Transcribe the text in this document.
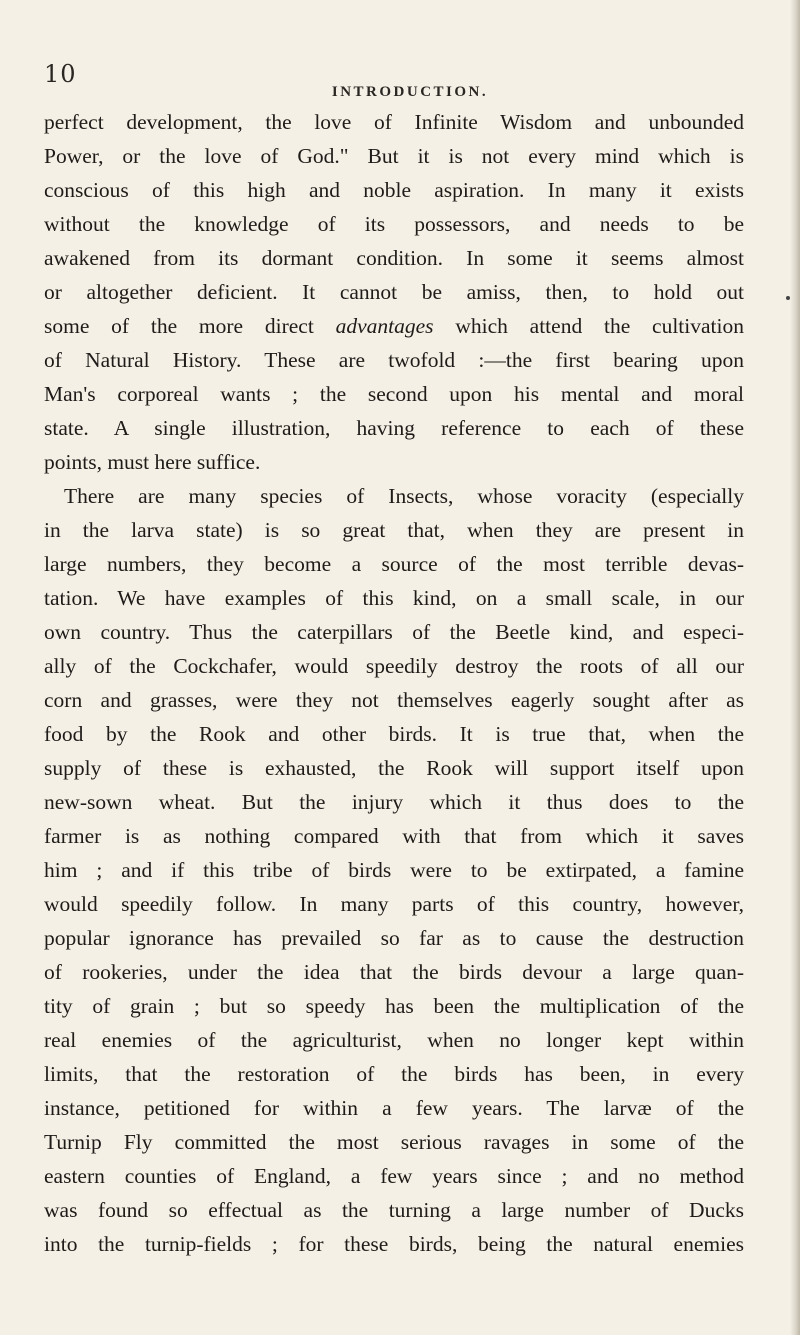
10
INTRODUCTION.
perfect development, the love of Infinite Wisdom and unbounded
Power, or the love of God." But it is not every mind which is
conscious of this high and noble aspiration. In many it exists
without the knowledge of its possessors, and needs to be
awakened from its dormant condition. In some it seems almost
or altogether deficient. It cannot be amiss, then, to hold out
some of the more direct advantages which attend the cultivation
of Natural History. These are twofold :—the first bearing upon
Man's corporeal wants ; the second upon his mental and moral
state. A single illustration, having reference to each of these
points, must here suffice.
There are many species of Insects, whose voracity (especially
in the larva state) is so great that, when they are present in
large numbers, they become a source of the most terrible devas-
tation. We have examples of this kind, on a small scale, in our
own country. Thus the caterpillars of the Beetle kind, and especi-
ally of the Cockchafer, would speedily destroy the roots of all our
corn and grasses, were they not themselves eagerly sought after as
food by the Rook and other birds. It is true that, when the
supply of these is exhausted, the Rook will support itself upon
new-sown wheat. But the injury which it thus does to the
farmer is as nothing compared with that from which it saves
him ; and if this tribe of birds were to be extirpated, a famine
would speedily follow. In many parts of this country, however,
popular ignorance has prevailed so far as to cause the destruction
of rookeries, under the idea that the birds devour a large quan-
tity of grain ; but so speedy has been the multiplication of the
real enemies of the agriculturist, when no longer kept within
limits, that the restoration of the birds has been, in every
instance, petitioned for within a few years. The larvæ of the
Turnip Fly committed the most serious ravages in some of the
eastern counties of England, a few years since ; and no method
was found so effectual as the turning a large number of Ducks
into the turnip-fields ; for these birds, being the natural enemies
